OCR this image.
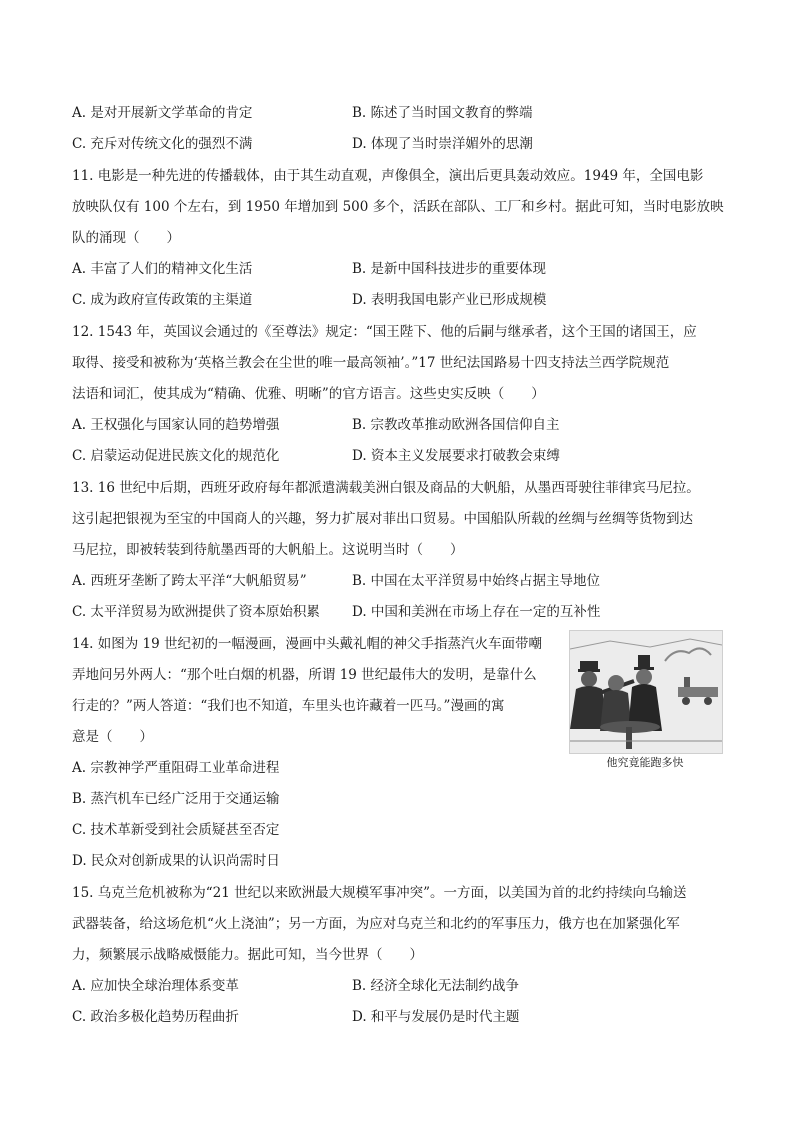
A. 是对开展新文学革命的肯定	B. 陈述了当时国文教育的弊端
C. 充斥对传统文化的强烈不满	D. 体现了当时崇洋媚外的思潮
11. 电影是一种先进的传播载体，由于其生动直观，声像俱全，演出后更具轰动效应。1949 年，全国电影
放映队仅有 100 个左右，到 1950 年增加到 500 多个，活跃在部队、工厂和乡村。据此可知，当时电影放映
队的涌现（　　）
A. 丰富了人们的精神文化生活	B. 是新中国科技进步的重要体现
C. 成为政府宣传政策的主渠道	D. 表明我国电影产业已形成规模
12. 1543 年，英国议会通过的《至尊法》规定：“国王陛下、他的后嗣与继承者，这个王国的诸国王，应
取得、接受和被称为‘英格兰教会在尘世的唯一最高领袖’。”17 世纪法国路易十四支持法兰西学院规范
法语和词汇，使其成为“精确、优雅、明晰”的官方语言。这些史实反映（　　）
A. 王权强化与国家认同的趋势增强	B. 宗教改革推动欧洲各国信仰自主
C. 启蒙运动促进民族文化的规范化	D. 资本主义发展要求打破教会束缚
13. 16 世纪中后期，西班牙政府每年都派遣满载美洲白银及商品的大帆船，从墨西哥驶往菲律宾马尼拉。
这引起把银视为至宝的中国商人的兴趣，努力扩展对菲出口贸易。中国船队所载的丝绸与丝绸等货物到达
马尼拉，即被转装到待航墨西哥的大帆船上。这说明当时（　　）
A. 西班牙垄断了跨太平洋“大帆船贸易”	B. 中国在太平洋贸易中始终占据主导地位
C. 太平洋贸易为欧洲提供了资本原始积累 D. 中国和美洲在市场上存在一定的互补性
14. 如图为 19 世纪初的一幅漫画，漫画中头戴礼帽的神父手指蒸汽火车面带嘲
弄地问另外两人：“那个吐白烟的机器，所谓 19 世纪最伟大的发明，是靠什么
行走的？”两人答道：“我们也不知道，车里头也许藏着一匹马。”漫画的寓
意是（　　）
他究竟能跑多快
A. 宗教神学严重阻碍工业革命进程
B. 蒸汽机车已经广泛用于交通运输
C. 技术革新受到社会质疑甚至否定
D. 民众对创新成果的认识尚需时日
15. 乌克兰危机被称为“21 世纪以来欧洲最大规模军事冲突”。一方面，以美国为首的北约持续向乌输送
武器装备，给这场危机“火上浇油”；另一方面，为应对乌克兰和北约的军事压力，俄方也在加紧强化军
力，频繁展示战略威慑能力。据此可知，当今世界（　　）
A. 应加快全球治理体系变革	B. 经济全球化无法制约战争
C. 政治多极化趋势历程曲折	D. 和平与发展仍是时代主题
